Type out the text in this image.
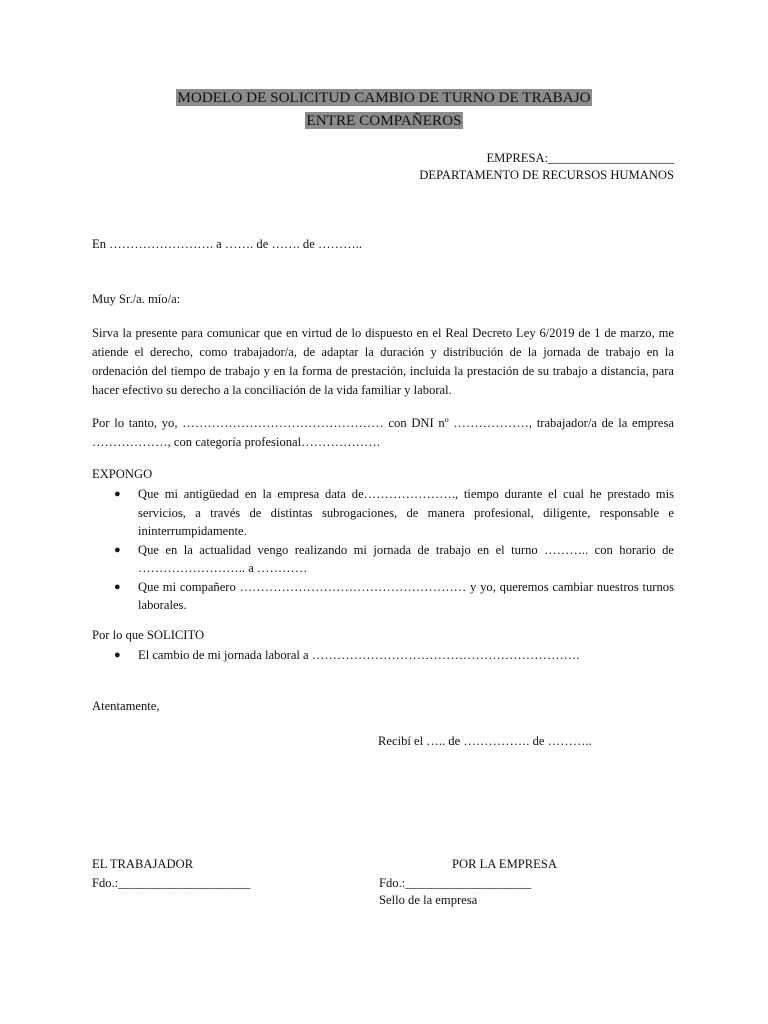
MODELO DE SOLICITUD CAMBIO DE TURNO DE TRABAJO
ENTRE COMPAÑEROS
EMPRESA:____________________
DEPARTAMENTO DE RECURSOS HUMANOS
En ……………………. a ……. de ……. de ………..
Muy Sr./a. mío/a:
Sirva la presente para comunicar que en virtud de lo dispuesto en el Real Decreto Ley 6/2019 de 1 de marzo, me atiende el derecho, como trabajador/a, de adaptar la duración y distribución de la jornada de trabajo en la ordenación del tiempo de trabajo y en la forma de prestación, incluida la prestación de su trabajo a distancia, para hacer efectivo su derecho a la conciliación de la vida familiar y laboral.
Por lo tanto, yo, ………………………………………… con DNI nº ………………, trabajador/a de la empresa ………………, con categoría profesional……………….
EXPONGO
● Que mi antigüedad en la empresa data de…………………., tiempo durante el cual he prestado mis servicios, a través de distintas subrogaciones, de manera profesional, diligente, responsable e ininterrumpidamente.
● Que en la actualidad vengo realizando mi jornada de trabajo en el turno ……….. con horario de …………………….. a …………
● Que mi compañero ……………………………………………… y yo, queremos cambiar nuestros turnos laborales.
Por lo que SOLICITO
● El cambio de mi jornada laboral a ……………………………………………………….
Atentamente,
Recibí el ….. de ……………. de ………..
EL TRABAJADOR
Fdo.:_____________________
POR LA EMPRESA
Fdo.:____________________
Sello de la empresa
